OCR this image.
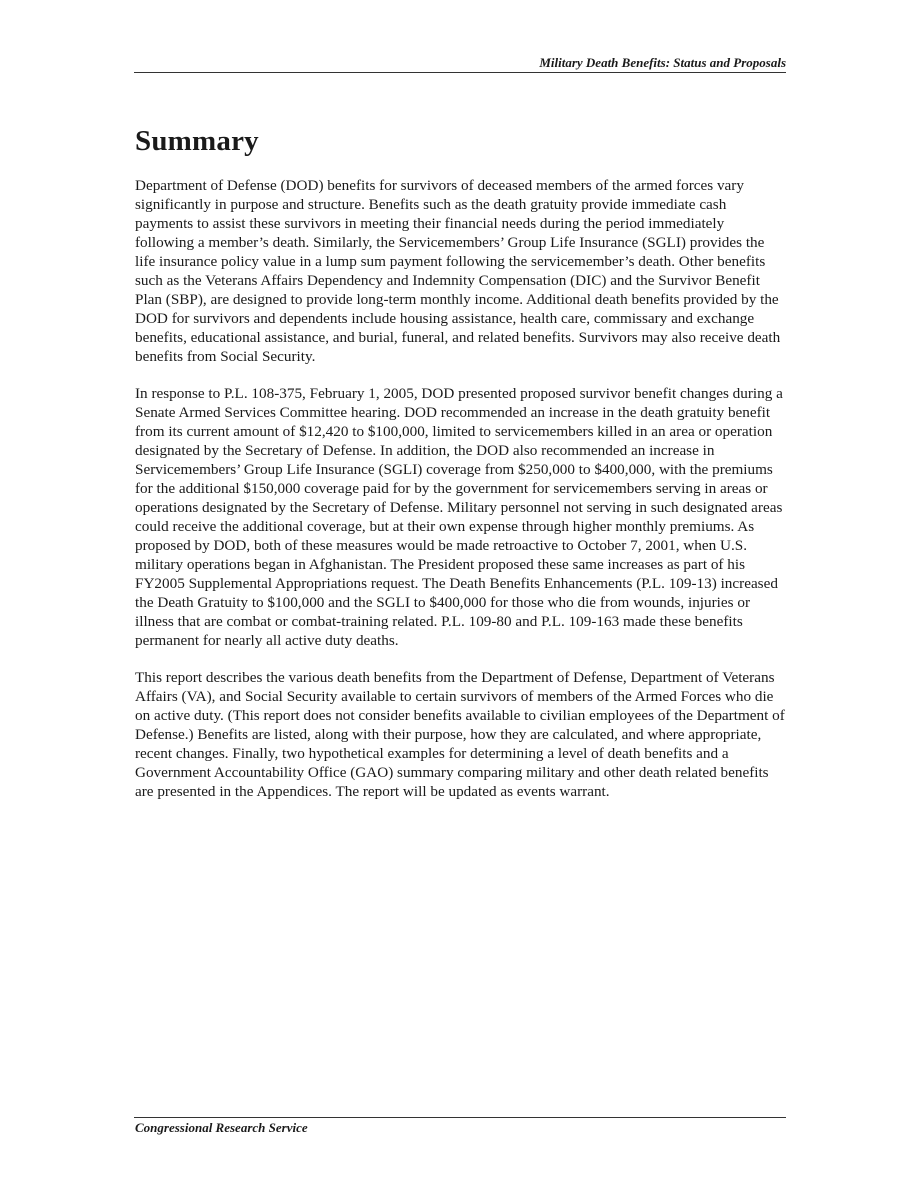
Military Death Benefits: Status and Proposals
Summary

Department of Defense (DOD) benefits for survivors of deceased members of the armed forces vary significantly in purpose and structure. Benefits such as the death gratuity provide immediate cash payments to assist these survivors in meeting their financial needs during the period immediately following a member’s death. Similarly, the Servicemembers’ Group Life Insurance (SGLI) provides the life insurance policy value in a lump sum payment following the servicemember’s death. Other benefits such as the Veterans Affairs Dependency and Indemnity Compensation (DIC) and the Survivor Benefit Plan (SBP), are designed to provide long-term monthly income. Additional death benefits provided by the DOD for survivors and dependents include housing assistance, health care, commissary and exchange benefits, educational assistance, and burial, funeral, and related benefits. Survivors may also receive death benefits from Social Security.

In response to P.L. 108-375, February 1, 2005, DOD presented proposed survivor benefit changes during a Senate Armed Services Committee hearing. DOD recommended an increase in the death gratuity benefit from its current amount of $12,420 to $100,000, limited to servicemembers killed in an area or operation designated by the Secretary of Defense. In addition, the DOD also recommended an increase in Servicemembers’ Group Life Insurance (SGLI) coverage from $250,000 to $400,000, with the premiums for the additional $150,000 coverage paid for by the government for servicemembers serving in areas or operations designated by the Secretary of Defense. Military personnel not serving in such designated areas could receive the additional coverage, but at their own expense through higher monthly premiums. As proposed by DOD, both of these measures would be made retroactive to October 7, 2001, when U.S. military operations began in Afghanistan. The President proposed these same increases as part of his FY2005 Supplemental Appropriations request. The Death Benefits Enhancements (P.L. 109-13) increased the Death Gratuity to $100,000 and the SGLI to $400,000 for those who die from wounds, injuries or illness that are combat or combat-training related. P.L. 109-80 and P.L. 109-163 made these benefits permanent for nearly all active duty deaths.

This report describes the various death benefits from the Department of Defense, Department of Veterans Affairs (VA), and Social Security available to certain survivors of members of the Armed Forces who die on active duty. (This report does not consider benefits available to civilian employees of the Department of Defense.) Benefits are listed, along with their purpose, how they are calculated, and where appropriate, recent changes. Finally, two hypothetical examples for determining a level of death benefits and a Government Accountability Office (GAO) summary comparing military and other death related benefits are presented in the Appendices. The report will be updated as events warrant.

Congressional Research Service
